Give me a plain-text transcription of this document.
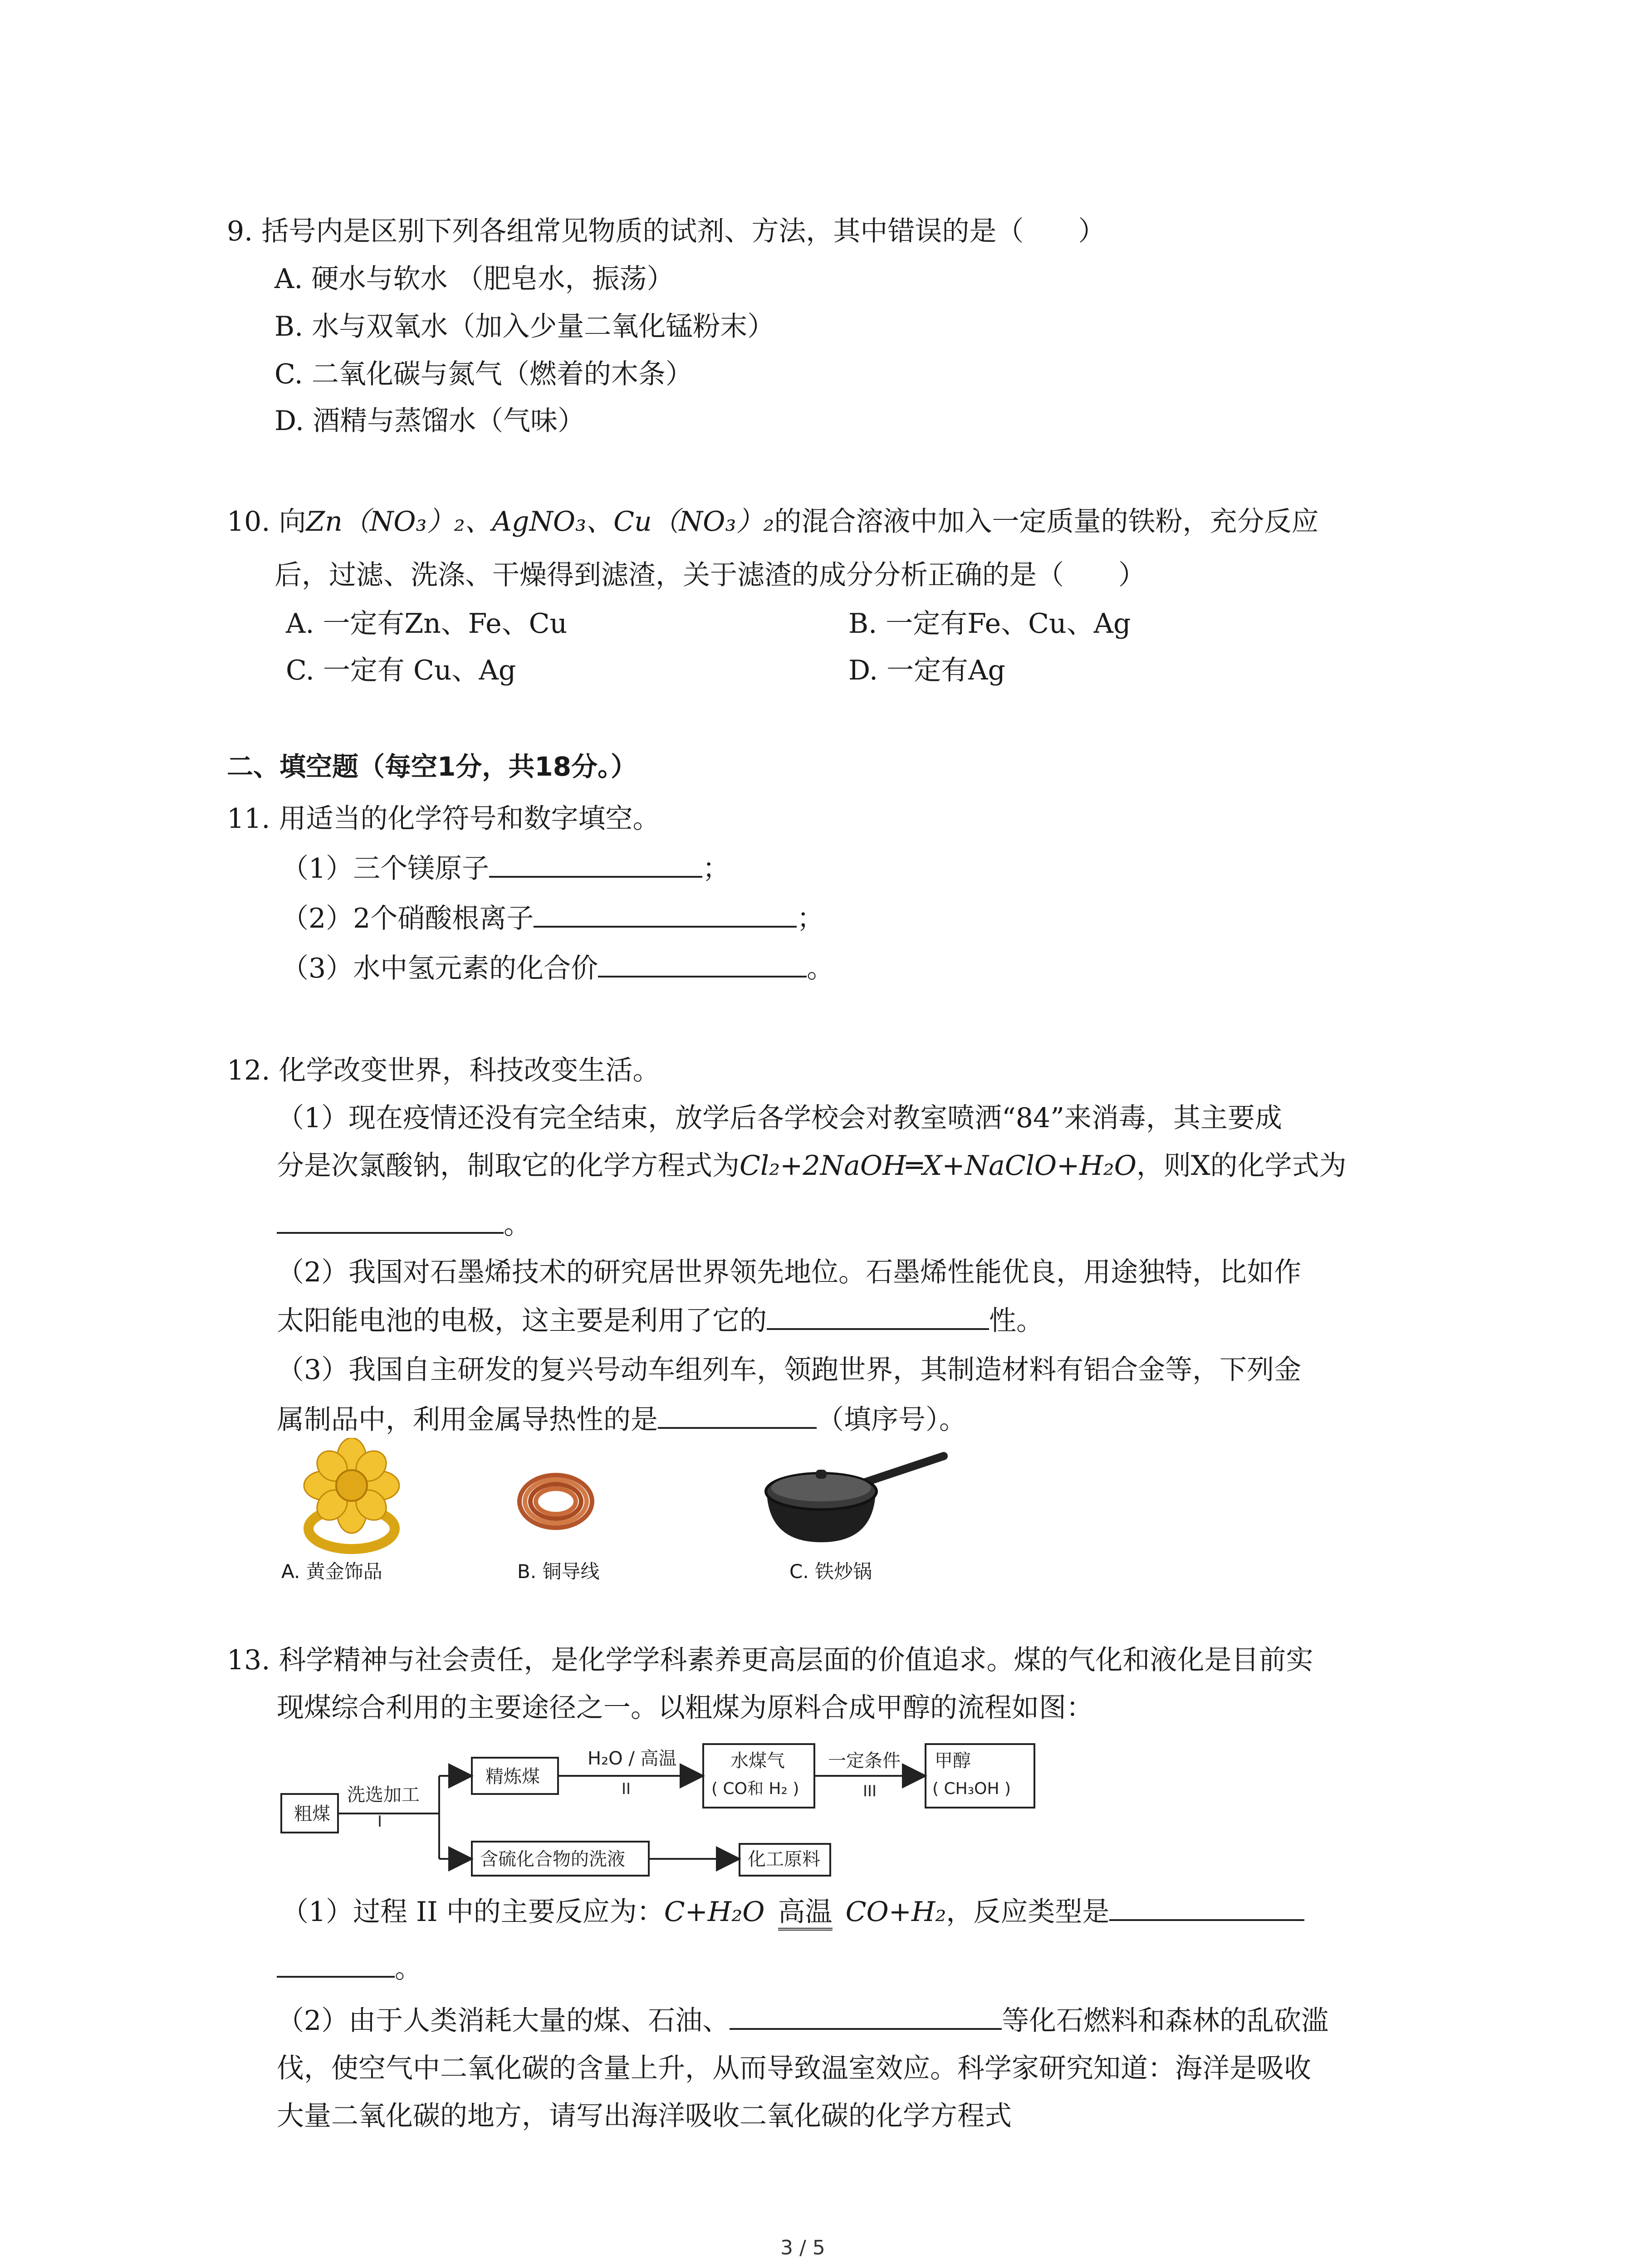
9. 括号内是区别下列各组常见物质的试剂、方法，其中错误的是（　　）
A. 硬水与软水 （肥皂水，振荡）
B. 水与双氧水（加入少量二氧化锰粉末）
C. 二氧化碳与氮气（燃着的木条）
D. 酒精与蒸馏水（气味）
10. 向Zn（NO₃）₂、AgNO₃、Cu（NO₃）₂的混合溶液中加入一定质量的铁粉，充分反应
后，过滤、洗涤、干燥得到滤渣，关于滤渣的成分分析正确的是（　　）
A. 一定有Zn、Fe、Cu	B. 一定有Fe、Cu、Ag
C. 一定有 Cu、Ag	D. 一定有Ag
二、填空题（每空1分，共18分。）
11. 用适当的化学符号和数字填空。
（1）三个镁原子	；
（2）2个硝酸根离子	；
（3）水中氢元素的化合价	。
12. 化学改变世界，科技改变生活。
（1）现在疫情还没有完全结束，放学后各学校会对教室喷洒“84”来消毒，其主要成
分是次氯酸钠，制取它的化学方程式为Cl₂+2NaOH═X+NaClO+H₂O，则X的化学式为
。
（2）我国对石墨烯技术的研究居世界领先地位。石墨烯性能优良，用途独特，比如作
太阳能电池的电极，这主要是利用了它的	性。
（3）我国自主研发的复兴号动车组列车，领跑世界，其制造材料有铝合金等，下列金
属制品中，利用金属导热性的是	（填序号）。
A. 黄金饰品	B. 铜导线	C. 铁炒锅
13. 科学精神与社会责任，是化学学科素养更高层面的价值追求。煤的气化和液化是目前实
现煤综合利用的主要途径之一。以粗煤为原料合成甲醇的流程如图：
粗煤
洗选加工
I
精炼煤
H₂O / 高温
II
水煤气
( CO和 H₂ )
一定条件
III
甲醇
( CH₃OH )
含硫化合物的洗液	化工原料
（1）过程 II 中的主要反应为：C+H₂O 高温 CO+H₂，反应类型是
。
（2）由于人类消耗大量的煤、石油、	等化石燃料和森林的乱砍滥
伐，使空气中二氧化碳的含量上升，从而导致温室效应。科学家研究知道：海洋是吸收
大量二氧化碳的地方，请写出海洋吸收二氧化碳的化学方程式
3 / 5
